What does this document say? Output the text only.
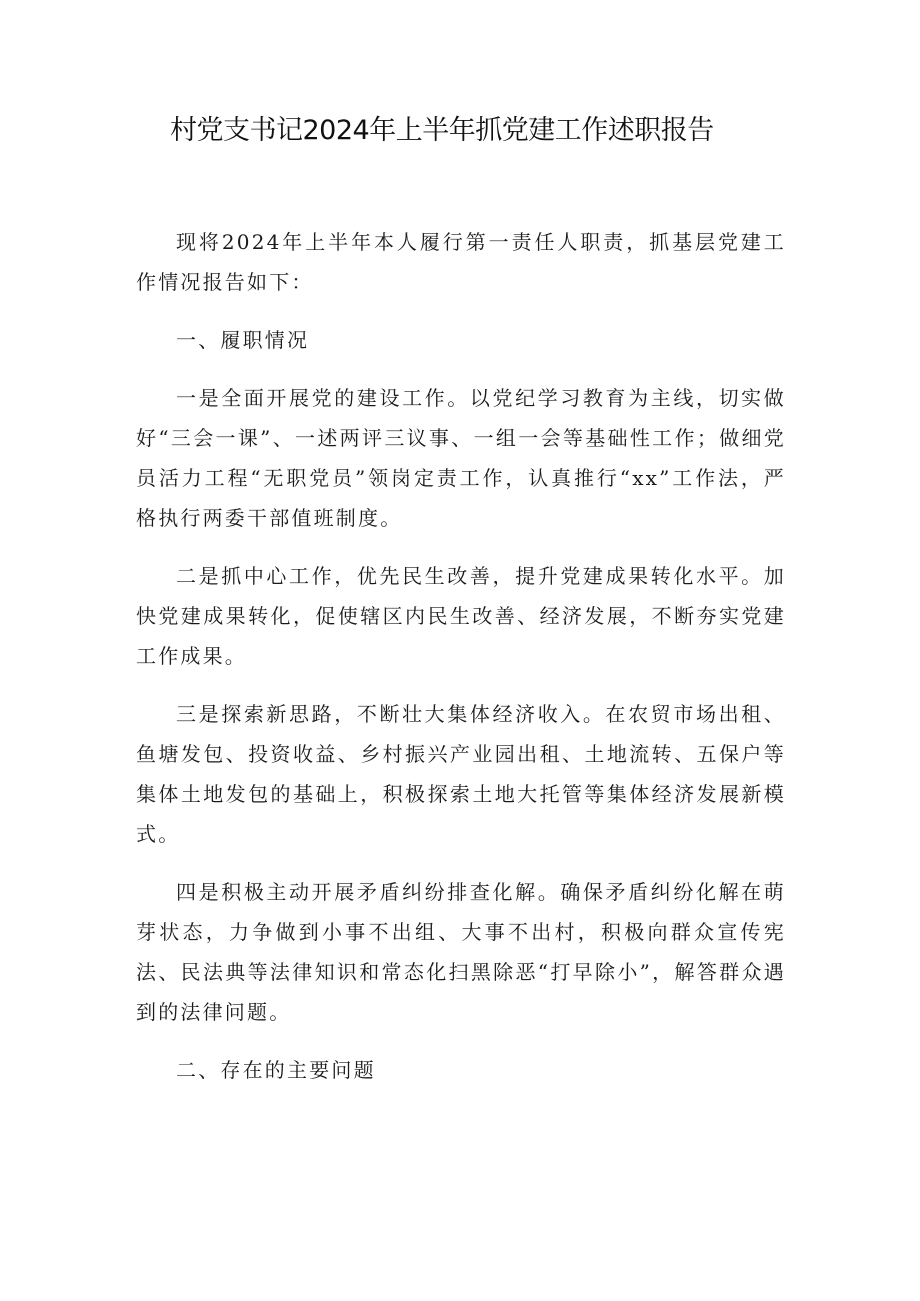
村党支书记2024年上半年抓党建工作述职报告

现将2024年上半年本人履行第一责任人职责，抓基层党建工作情况报告如下：

一、履职情况

一是全面开展党的建设工作。以党纪学习教育为主线，切实做好“三会一课”、一述两评三议事、一组一会等基础性工作；做细党员活力工程“无职党员”领岗定责工作，认真推行“xx”工作法，严格执行两委干部值班制度。

二是抓中心工作，优先民生改善，提升党建成果转化水平。加快党建成果转化，促使辖区内民生改善、经济发展，不断夯实党建工作成果。

三是探索新思路，不断壮大集体经济收入。在农贸市场出租、鱼塘发包、投资收益、乡村振兴产业园出租、土地流转、五保户等集体土地发包的基础上，积极探索土地大托管等集体经济发展新模式。

四是积极主动开展矛盾纠纷排查化解。确保矛盾纠纷化解在萌芽状态，力争做到小事不出组、大事不出村，积极向群众宣传宪法、民法典等法律知识和常态化扫黑除恶“打早除小”，解答群众遇到的法律问题。

二、存在的主要问题
